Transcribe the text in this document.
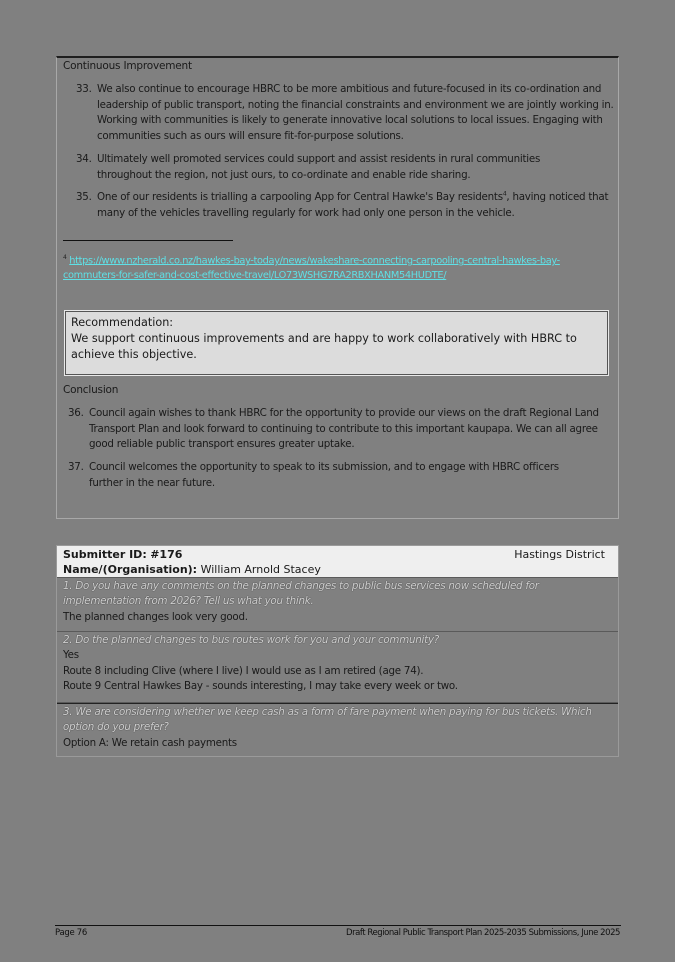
Continuous Improvement
33. We also continue to encourage HBRC to be more ambitious and future-focused in its co-ordination and leadership of public transport, noting the financial constraints and environment we are jointly working in. Working with communities is likely to generate innovative local solutions to local issues. Engaging with communities such as ours will ensure fit-for-purpose solutions.
34. Ultimately well promoted services could support and assist residents in rural communities throughout the region, not just ours, to co-ordinate and enable ride sharing.
35. One of our residents is trialling a carpooling App for Central Hawke's Bay residents$^4$, having noticed that many of the vehicles travelling regularly for work had only one person in the vehicle.
$^4$ https://www.nzherald.co.nz/hawkes-bay-today/news/wakeshare-connecting-carpooling-central-hawkes-bay-commuters-for-safer-and-cost-effective-travel/LO73WSHG7RA2RBXHANM54HUDTE/
Recommendation:
We support continuous improvements and are happy to work collaboratively with HBRC to achieve this objective.
Conclusion
36. Council again wishes to thank HBRC for the opportunity to provide our views on the draft Regional Land Transport Plan and look forward to continuing to contribute to this important kaupapa. We can all agree good reliable public transport ensures greater uptake.
37. Council welcomes the opportunity to speak to its submission, and to engage with HBRC officers further in the near future.
Submitter ID: #176	Hastings District
Name/(Organisation): William Arnold Stacey
1. Do you have any comments on the planned changes to public bus services now scheduled for implementation from 2026? Tell us what you think.
The planned changes look very good.
2. Do the planned changes to bus routes work for you and your community?
Yes
Route 8 including Clive (where I live) I would use as I am retired (age 74).
Route 9 Central Hawkes Bay - sounds interesting, I may take every week or two.
3. We are considering whether we keep cash as a form of fare payment when paying for bus tickets. Which option do you prefer?
Option A: We retain cash payments
Page 76	Draft Regional Public Transport Plan 2025-2035 Submissions, June 2025
